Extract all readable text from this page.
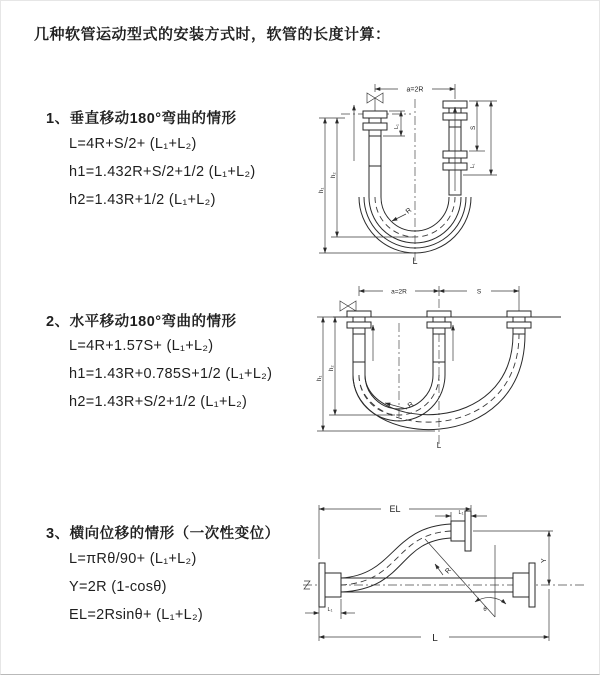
几种软管运动型式的安装方式时，软管的长度计算：
1、垂直移动180°弯曲的情形
L=4R+S/2+ (L₁+L₂)
h1=1.432R+S/2+1/2 (L₁+L₂)
h2=1.43R+1/2 (L₁+L₂)
2、水平移动180°弯曲的情形
L=4R+1.57S+ (L₁+L₂)
h1=1.43R+0.785S+1/2 (L₁+L₂)
h2=1.43R+S/2+1/2 (L₁+L₂)
3、横向位移的情形（一次性变位）
L=πRθ/90+ (L₁+L₂)
Y=2R (1-cosθ)
EL=2Rsinθ+ (L₁+L₂)
a=2R
L₁	S
L₁
h₁
h₂
R
L
a=2R	S
h₁
h₂
R
L
EL	L₁
Y
θ
R
L₁
L
